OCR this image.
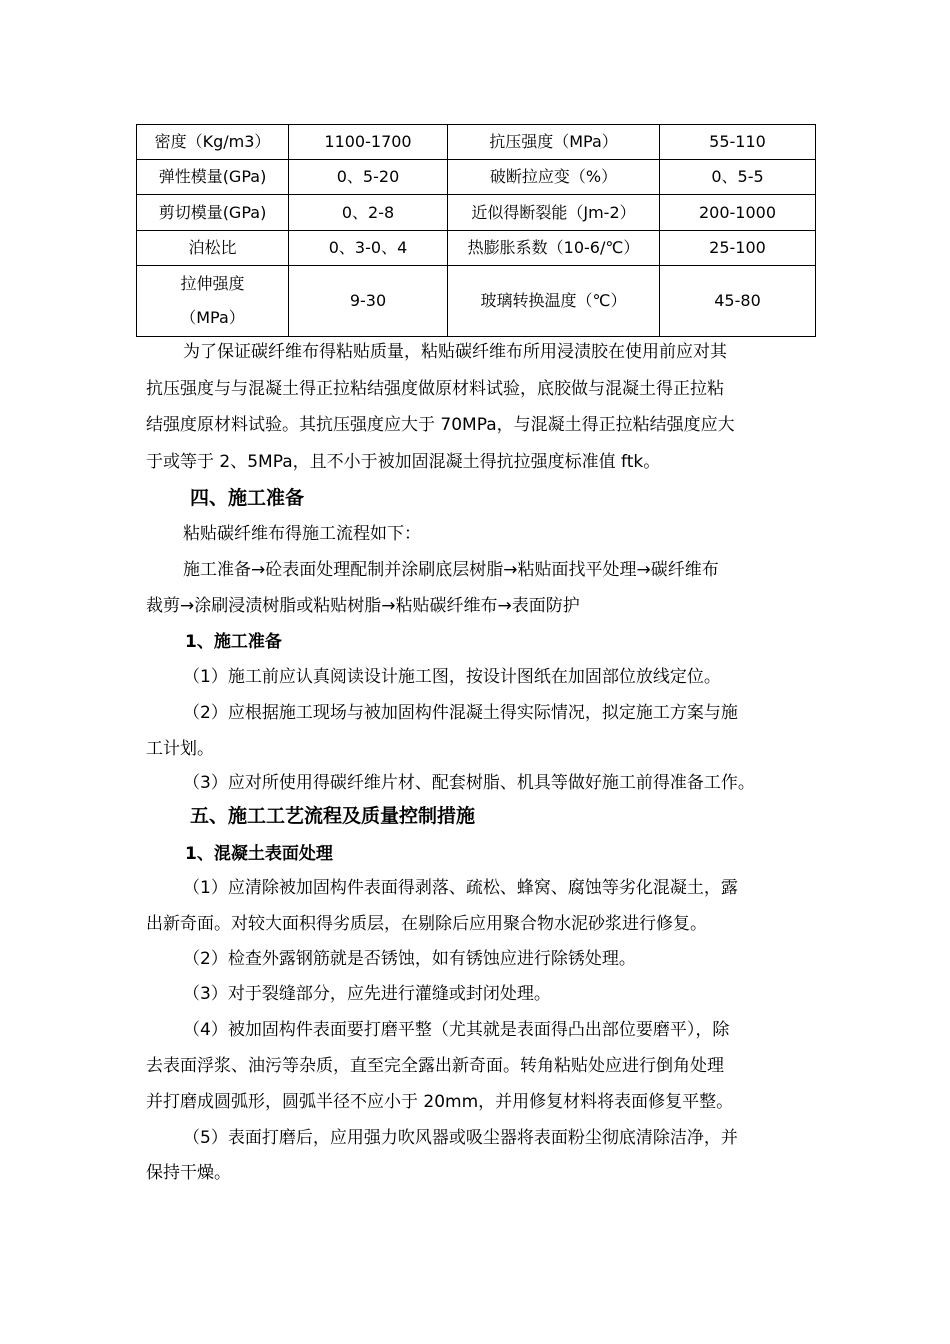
密度（Kg/m3）	1100-1700	抗压强度（MPa）	55-110
弹性模量(GPa)	0、5-20	破断拉应变（%）	0、5-5
剪切模量(GPa)	0、2-8	近似得断裂能（Jm-2）	200-1000
泊松比	0、3-0、4	热膨胀系数（10-6/℃）	25-100

拉伸强度
（MPa）	9-30	玻璃转换温度（℃）	45-80
为了保证碳纤维布得粘贴质量，粘贴碳纤维布所用浸渍胶在使用前应对其
抗压强度与与混凝土得正拉粘结强度做原材料试验，底胶做与混凝土得正拉粘
结强度原材料试验。其抗压强度应大于 70MPa，与混凝土得正拉粘结强度应大
于或等于 2、5MPa，且不小于被加固混凝土得抗拉强度标准值 ftk。
四、施工准备
粘贴碳纤维布得施工流程如下：
施工准备→砼表面处理配制并涂刷底层树脂→粘贴面找平处理→碳纤维布
裁剪→涂刷浸渍树脂或粘贴树脂→粘贴碳纤维布→表面防护
1、施工准备
（1）施工前应认真阅读设计施工图，按设计图纸在加固部位放线定位。
（2）应根据施工现场与被加固构件混凝土得实际情况，拟定施工方案与施
工计划。
（3）应对所使用得碳纤维片材、配套树脂、机具等做好施工前得准备工作。
五、施工工艺流程及质量控制措施
1、混凝土表面处理
（1）应清除被加固构件表面得剥落、疏松、蜂窝、腐蚀等劣化混凝土，露
出新奇面。对较大面积得劣质层，在剔除后应用聚合物水泥砂浆进行修复。
（2）检查外露钢筋就是否锈蚀，如有锈蚀应进行除锈处理。
（3）对于裂缝部分，应先进行灌缝或封闭处理。
（4）被加固构件表面要打磨平整（尤其就是表面得凸出部位要磨平），除
去表面浮浆、油污等杂质，直至完全露出新奇面。转角粘贴处应进行倒角处理
并打磨成圆弧形，圆弧半径不应小于 20mm，并用修复材料将表面修复平整。
（5）表面打磨后，应用强力吹风器或吸尘器将表面粉尘彻底清除洁净，并
保持干燥。
